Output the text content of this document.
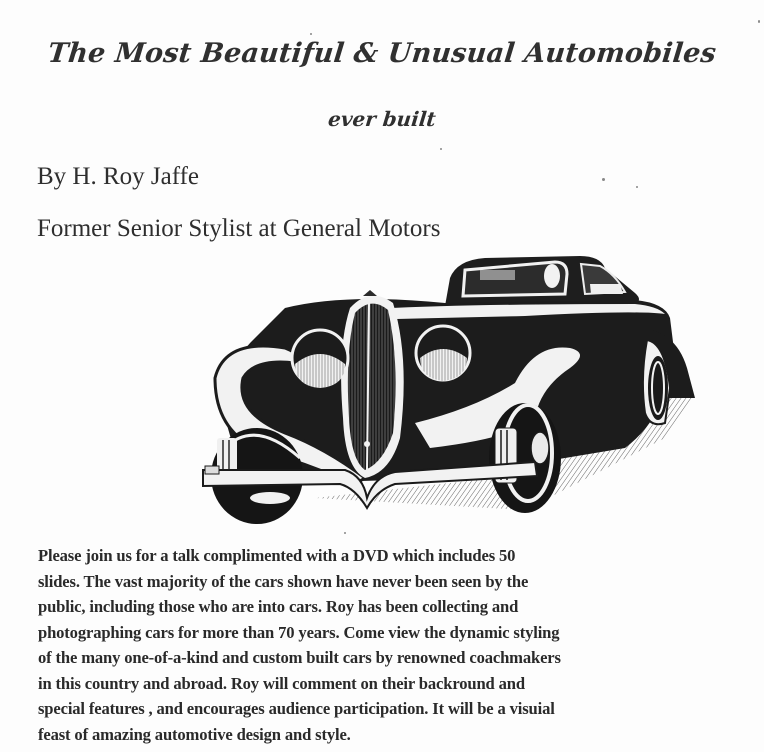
The Most Beautiful & Unusual Automobiles
ever built
By H. Roy Jaffe
Former Senior Stylist at General Motors
Please join us for a talk complimented with a DVD which includes 50
slides. The vast majority of the cars shown have never been seen by the
public, including those who are into cars. Roy has been collecting and
photographing cars for more than 70 years. Come view the dynamic styling
of the many one-of-a-kind and custom built cars by renowned coachmakers
in this country and abroad. Roy will comment on their backround and
special features , and encourages audience participation. It will be a visuial
feast of amazing automotive design and style.
